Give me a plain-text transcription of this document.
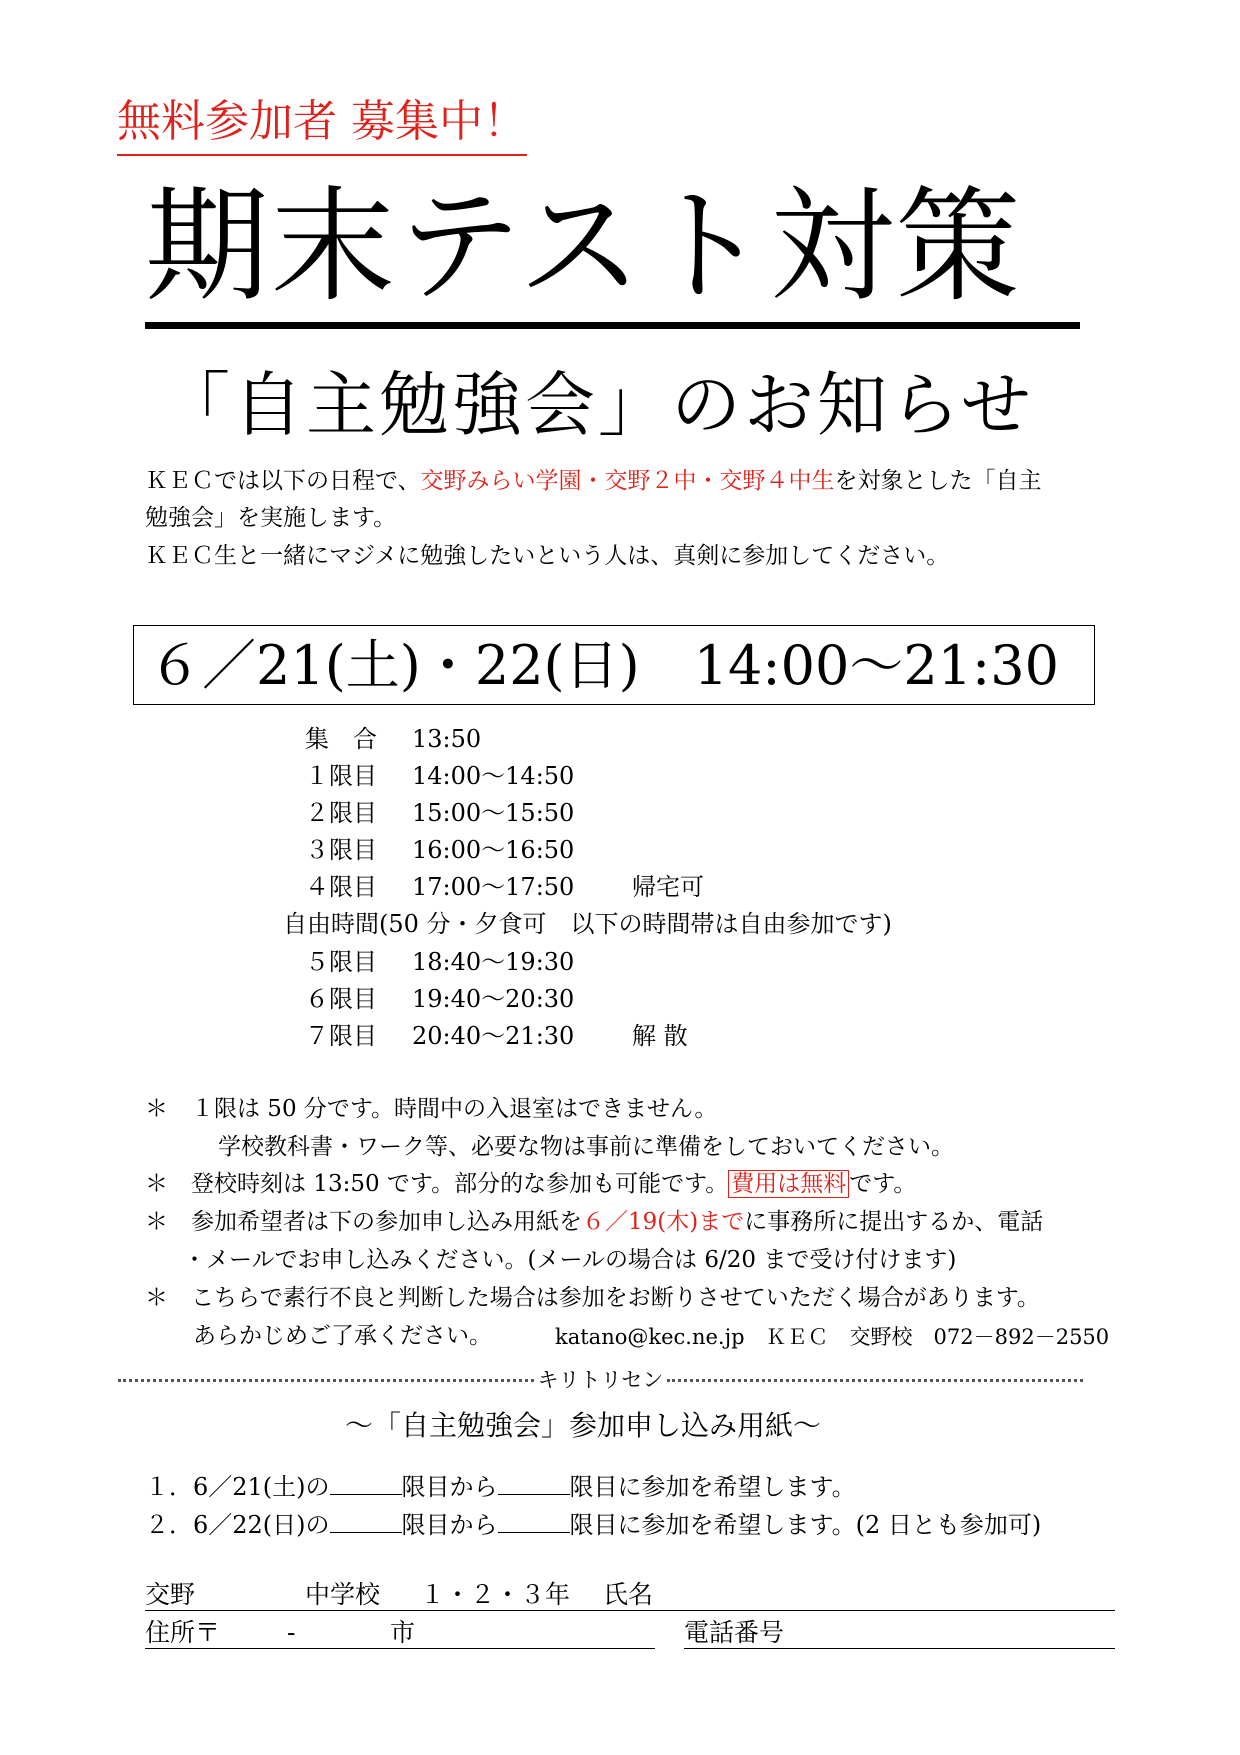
無料参加者 募集中！
期末テスト対策
「自主勉強会」のお知らせ
ＫＥＣでは以下の日程で、交野みらい学園・交野２中・交野４中生を対象とした「自主
勉強会」を実施します。
ＫＥＣ生と一緒にマジメに勉強したいという人は、真剣に参加してください。
６／21(土)・22(日)　14:00〜21:30
集　合 13:50
１限目 14:00〜14:50
２限目 15:00〜15:50
３限目 16:00〜16:50
４限目 17:00〜17:50 帰宅可
自由時間(50 分・夕食可　以下の時間帯は自由参加です)
５限目 18:40〜19:30
６限目 19:40〜20:30
７限目 20:40〜21:30 解 散
＊　１限は 50 分です。時間中の入退室はできません。
学校教科書・ワーク等、必要な物は事前に準備をしておいてください。
＊　登校時刻は 13:50 です。部分的な参加も可能です。 費用は無料 です。
＊　参加希望者は下の参加申し込み用紙を６／19(木)までに事務所に提出するか、電話
・メールでお申し込みください。(メールの場合は 6/20 まで受け付けます)
＊　こちらで素行不良と判断した場合は参加をお断りさせていただく場合があります。
あらかじめご了承ください。	katano@kec.ne.jp　ＫＥＣ　交野校　072－892－2550
キリトリセン
〜「自主勉強会」参加申し込み用紙〜
１．6／21(土)の	限目から	限目に参加を希望します。
２．6／22(日)の	限目から	限目に参加を希望します。(2 日とも参加可)
交野	中学校 １・２・３年 氏名
住所〒	-	市	電話番号
